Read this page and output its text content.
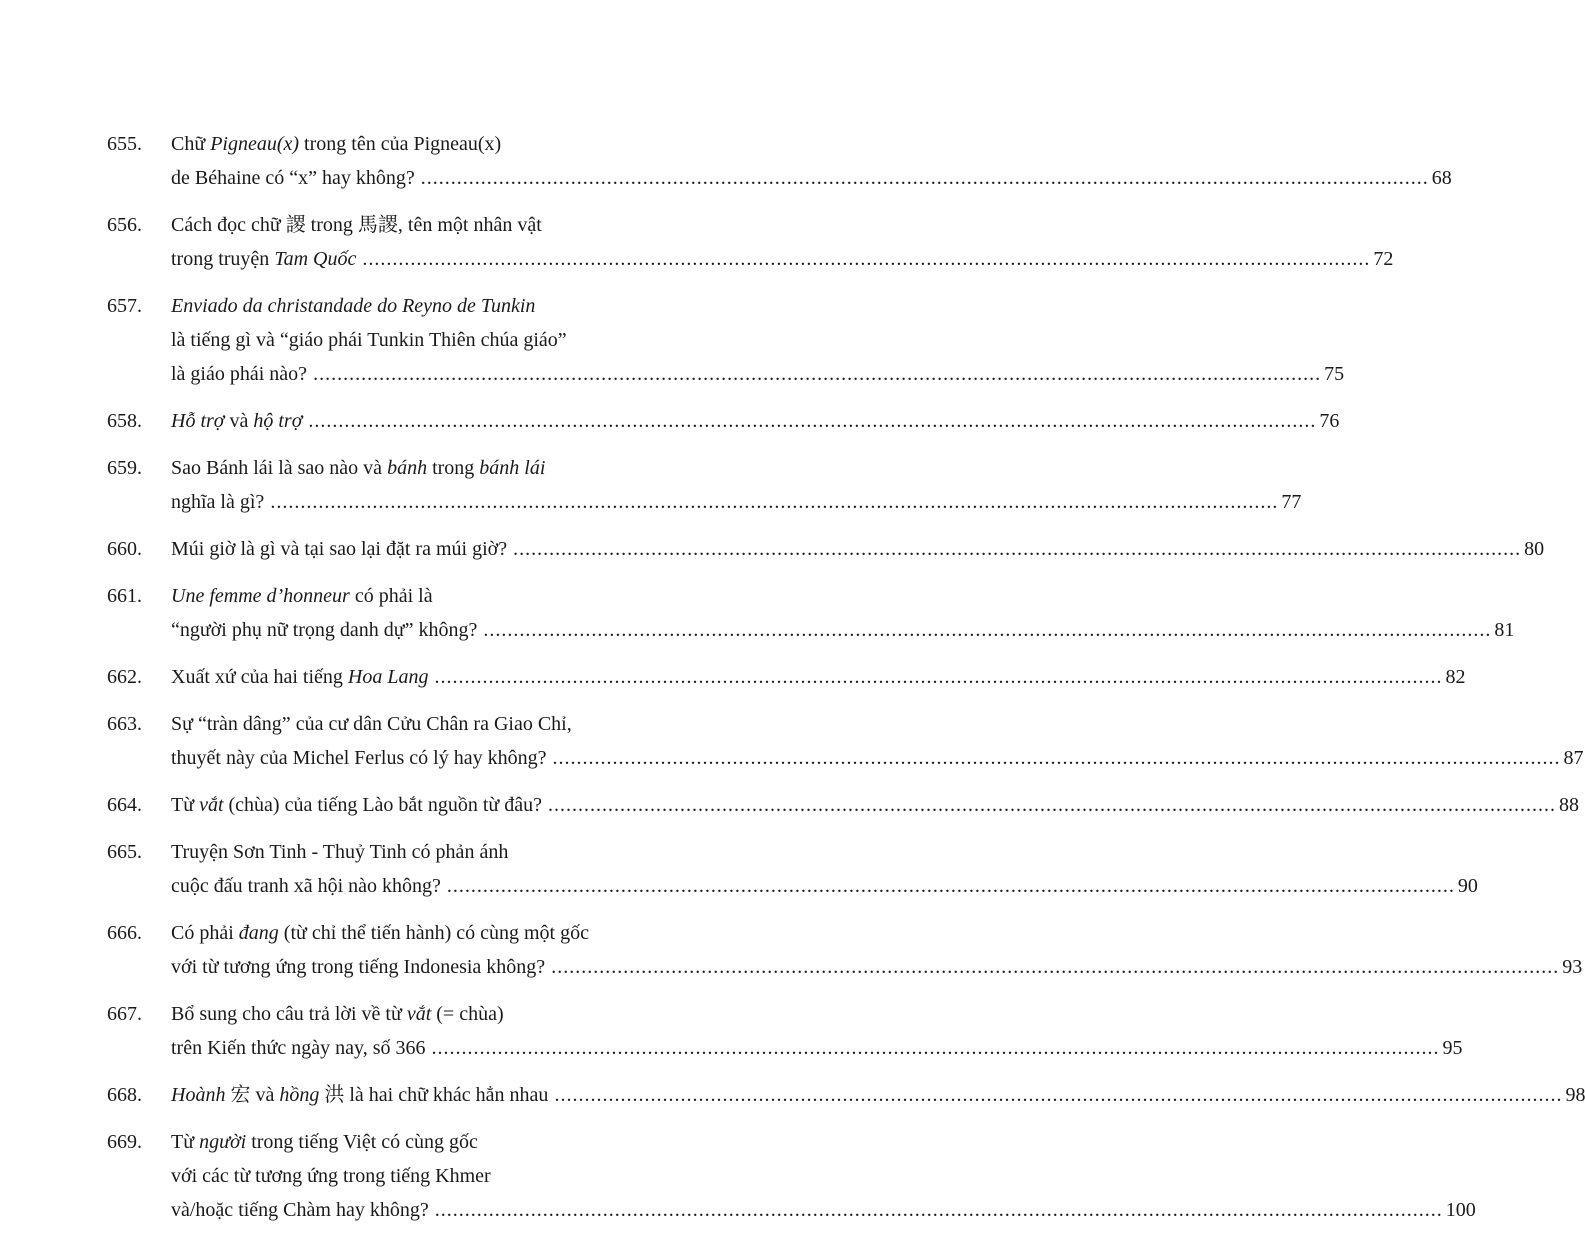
655.	Chữ Pigneau(x) trong tên của Pigneau(x)
de Béhaine có “x” hay không? .....	68
656.	Cách đọc chữ 謖 trong 馬謖, tên một nhân vật
trong truyện Tam Quốc .....	72
657.	Enviado da christandade do Reyno de Tunkin
là tiếng gì và “giáo phái Tunkin Thiên chúa giáo”
là giáo phái nào? .....	75
658.	Hỗ trợ và hộ trợ .....	76
659.	Sao Bánh lái là sao nào và bánh trong bánh lái
nghĩa là gì? .....	77
660.	Múi giờ là gì và tại sao lại đặt ra múi giờ? .....	80
661.	Une femme d’honneur có phải là
“người phụ nữ trọng danh dự” không? .....	81
662.	Xuất xứ của hai tiếng Hoa Lang .....	82
663.	Sự “tràn dâng” của cư dân Cửu Chân ra Giao Chỉ,
thuyết này của Michel Ferlus có lý hay không? .....	87
664.	Từ vắt (chùa) của tiếng Lào bắt nguồn từ đâu? .....	88
665.	Truyện Sơn Tinh - Thuỷ Tinh có phản ánh
cuộc đấu tranh xã hội nào không? .....	90
666.	Có phải đang (từ chỉ thể tiến hành) có cùng một gốc
với từ tương ứng trong tiếng Indonesia không? .....	93
667.	Bổ sung cho câu trả lời về từ vắt (= chùa)
trên Kiến thức ngày nay, số 366 .....	95
668.	Hoành 宏 và hồng 洪 là hai chữ khác hẳn nhau .....	98
669.	Từ người trong tiếng Việt có cùng gốc
với các từ tương ứng trong tiếng Khmer
và/hoặc tiếng Chàm hay không? .....	100
